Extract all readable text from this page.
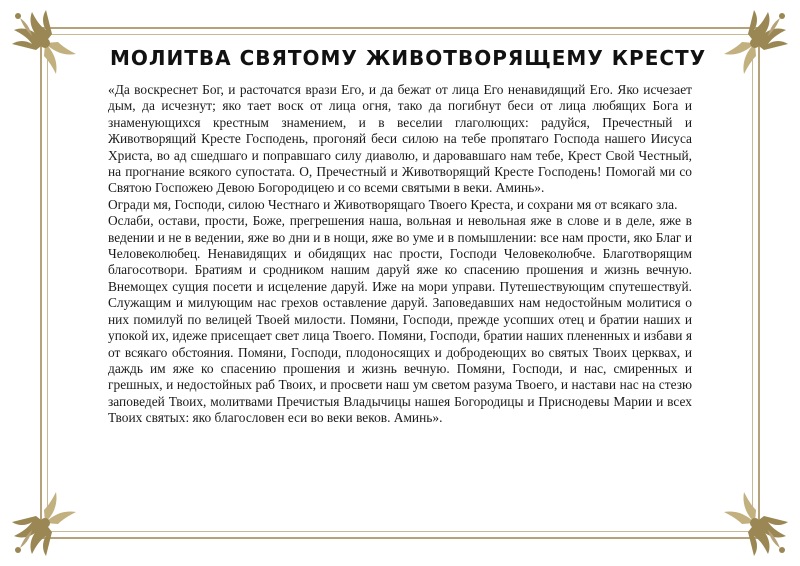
МОЛИТВА СВЯТОМУ ЖИВОТВОРЯЩЕМУ КРЕСТУ

«Да воскреснет Бог, и расточатся врази Его, и да бежат от лица Его ненавидящий Его. Яко исчезает дым, да исчезнут; яко тает воск от лица огня, тако да погибнут беси от лица любящих Бога и знаменующихся крестным знамением, и в веселии глаголющих: радуйся, Пречестный и Животворящий Кресте Господень, прогоняй беси силою на тебе пропятаго Господа нашего Иисуса Христа, во ад сшедшаго и поправшаго силу диаволю, и даровавшаго нам тебе, Крест Свой Честный, на прогнание всякого супостата. О, Пречестный и Животворящий Кресте Господень! Помогай ми со Святою Госпожею Девою Богородицею и со всеми святыми в веки. Аминь».

Огради мя, Господи, силою Честнаго и Животворящаго Твоего Креста, и сохрани мя от всякаго зла.

Ослаби, остави, прости, Боже, прегрешения наша, вольная и невольная яже в слове и в деле, яже в ведении и не в ведении, яже во дни и в нощи, яже во уме и в помышлении: все нам прости, яко Благ и Человеколюбец. Ненавидящих и обидящих нас прости, Господи Человеколюбче. Благотворящим благосотвори. Братиям и сродником нашим даруй яже ко спасению прошения и жизнь вечную. Внемощех сущия посети и исцеление даруй. Иже на мори управи. Путешествующим спутешествуй. Служащим и милующим нас грехов оставление даруй. Заповедавших нам недостойным молитися о них помилуй по велицей Твоей милости. Помяни, Господи, прежде усопших отец и братии наших и упокой их, идеже присещает свет лица Твоего. Помяни, Господи, братии наших плененных и избави я от всякаго обстояния. Помяни, Господи, плодоносящих и добродеющих во святых Твоих церквах, и даждь им яже ко спасению прошения и жизнь вечную. Помяни, Господи, и нас, смиренных и грешных, и недостойных раб Твоих, и просвети наш ум светом разума Твоего, и настави нас на стезю заповедей Твоих, молитвами Пречистыя Владычицы нашея Богородицы и Приснодевы Марии и всех Твоих святых: яко благословен еси во веки веков. Аминь».
